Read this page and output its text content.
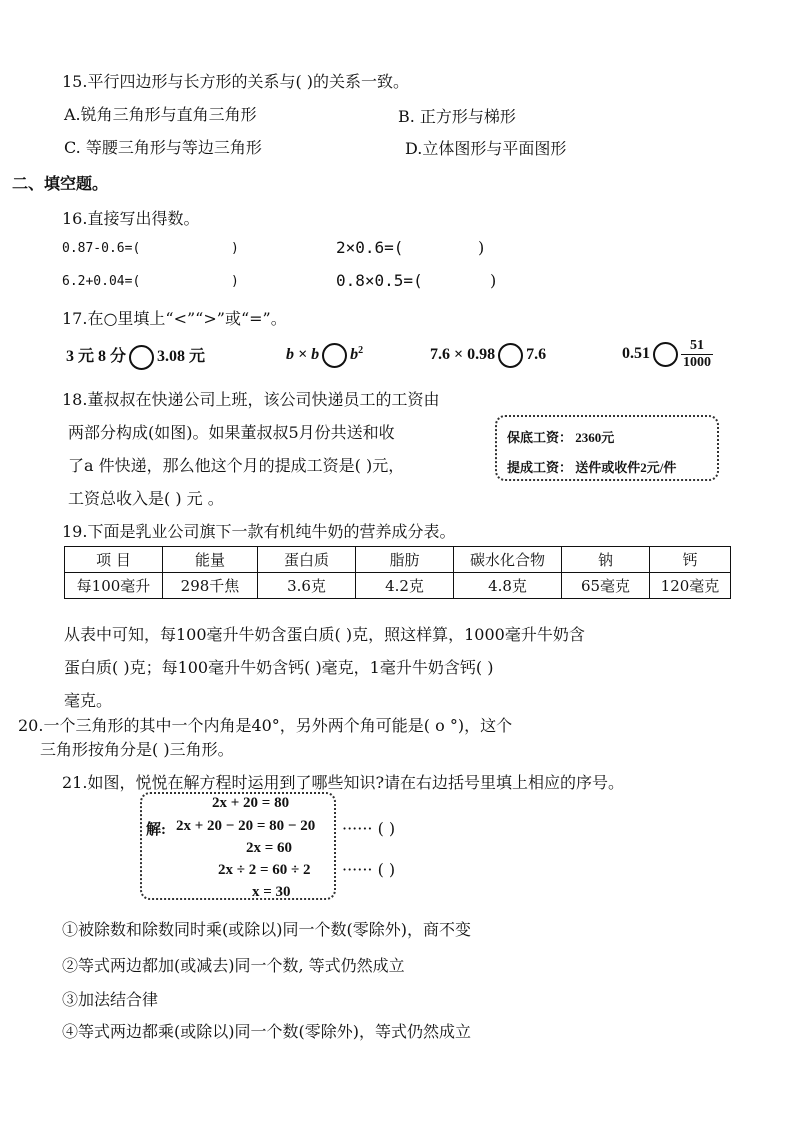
15.平行四边形与长方形的关系与( )的关系一致。
A.锐角三角形与直角三角形	B. 正方形与梯形
C. 等腰三角形与等边三角形	D.立体图形与平面图形
二、填空题。
16.直接写出得数。
0.87-0.6=(	)	2×0.6=(	)
6.2+0.04=(	)	0.8×0.5=(	)
17.在○里填上“<”“>”或“=”。
3 元 8 分 3.08 元	b × b $b^2$	7.6 × 0.98 7.6	$0.51 \frac{51}{1000}$
18.董叔叔在快递公司上班，该公司快递员工的工资由
两部分构成(如图)。如果董叔叔5月份共送和收
了a 件快递，那么他这个月的提成工资是( )元，
工资总收入是( ) 元 。
保底工资： 2360元
提成工资： 送件或收件2元/件
19.下面是乳业公司旗下一款有机纯牛奶的营养成分表。
项 目	能量	蛋白质	脂肪	碳水化合物	钠	钙
每100毫升	298千焦	3.6克	4.2克	4.8克	65毫克	120毫克
从表中可知，每100毫升牛奶含蛋白质( )克，照这样算，1000毫升牛奶含
蛋白质( )克；每100毫升牛奶含钙( )毫克，1毫升牛奶含钙( )
毫克。
20.一个三角形的其中一个内角是40°，另外两个角可能是( o °)，这个
三角形按角分是( )三角形。
21.如图，悦悦在解方程时运用到了哪些知识?请在右边括号里填上相应的序号。
2x + 20 = 80
解: 2x + 20 − 20 = 80 − 20
2x = 60
2x ÷ 2 = 60 ÷ 2
x = 30
······ ( )
······ ( )
①被除数和除数同时乘(或除以)同一个数(零除外)，商不变
②等式两边都加(或减去)同一个数, 等式仍然成立
③加法结合律
④等式两边都乘(或除以)同一个数(零除外)，等式仍然成立
